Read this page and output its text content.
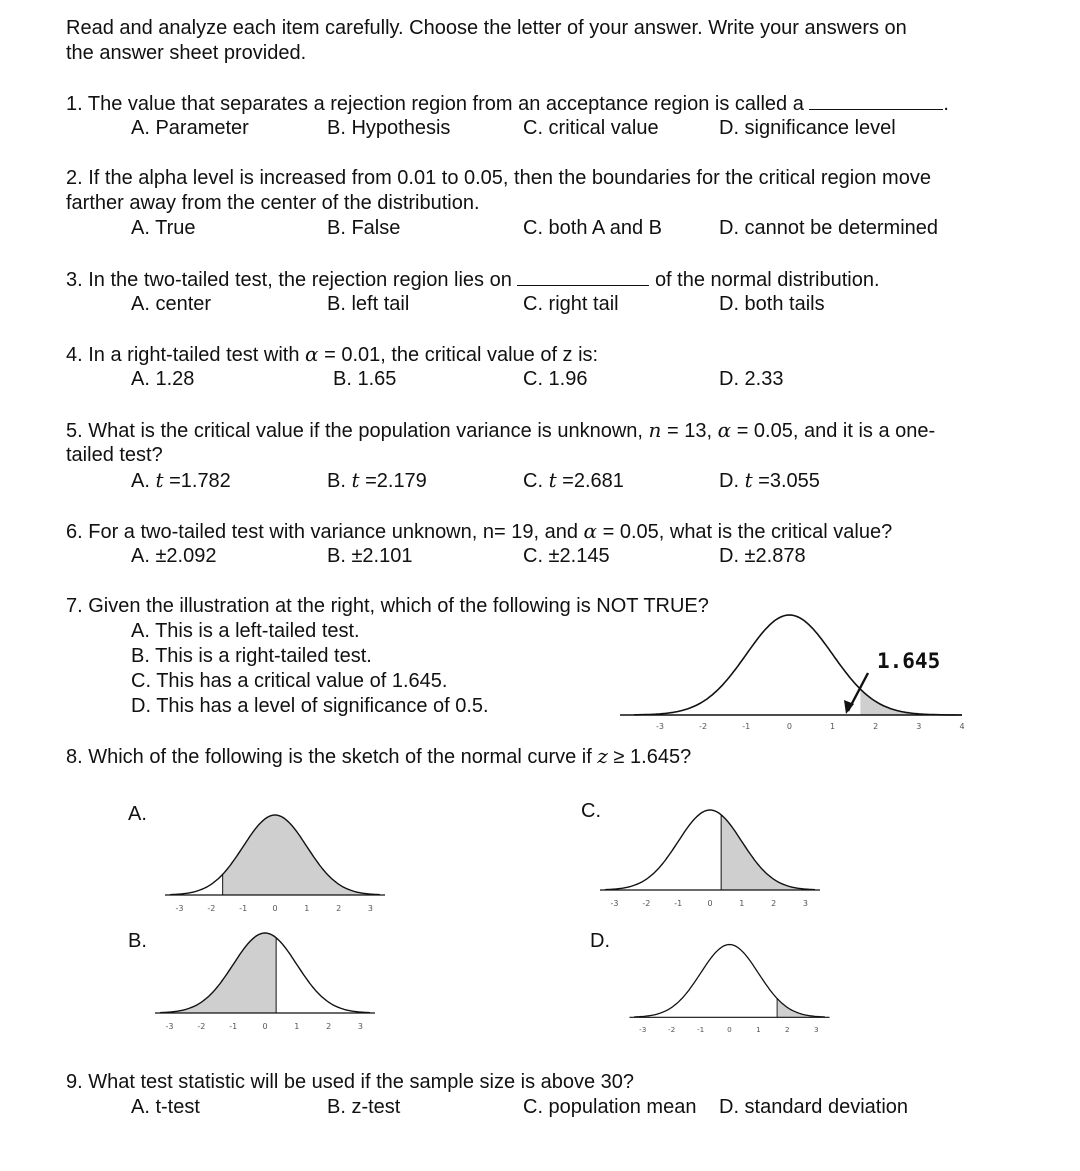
Read and analyze each item carefully. Choose the letter of your answer. Write your answers on
the answer sheet provided.
1. The value that separates a rejection region from an acceptance region is called a	.
A. Parameter	B. Hypothesis	C. critical value	D. significance level
2. If the alpha level is increased from 0.01 to 0.05, then the boundaries for the critical region move
farther away from the center of the distribution.
A. True	B. False	C. both A and B	D. cannot be determined
3. In the two-tailed test, the rejection region lies on	of the normal distribution.
A. center	B. left tail	C. right tail	D. both tails
4. In a right-tailed test with α = 0.01, the critical value of z is:
A. 1.28	B. 1.65	C. 1.96	D. 2.33
5. What is the critical value if the population variance is unknown, n = 13, α = 0.05, and it is a one-
tailed test?
A. t =1.782	B. t =2.179	C. t =2.681	D. t =3.055
6. For a two-tailed test with variance unknown, n= 19, and α = 0.05, what is the critical value?
A. ±2.092	B. ±2.101	C. ±2.145	D. ±2.878
7. Given the illustration at the right, which of the following is NOT TRUE?
A. This is a left-tailed test.
B. This is a right-tailed test.
C. This has a critical value of 1.645.
D. This has a level of significance of 0.5.
1.645
-3	-2	-1	0	1	2	3	4
8. Which of the following is the sketch of the normal curve if z ≥ 1.645?
A.
B.
C.
D.
-3	-2	-1	0	1	2	3
-3	-2	-1	0	1	2	3
-3	-2	-1	0	1	2	3
-3	-2	-1	0	1	2	3
9. What test statistic will be used if the sample size is above 30?
A. t-test	B. z-test	C. population mean D. standard deviation
